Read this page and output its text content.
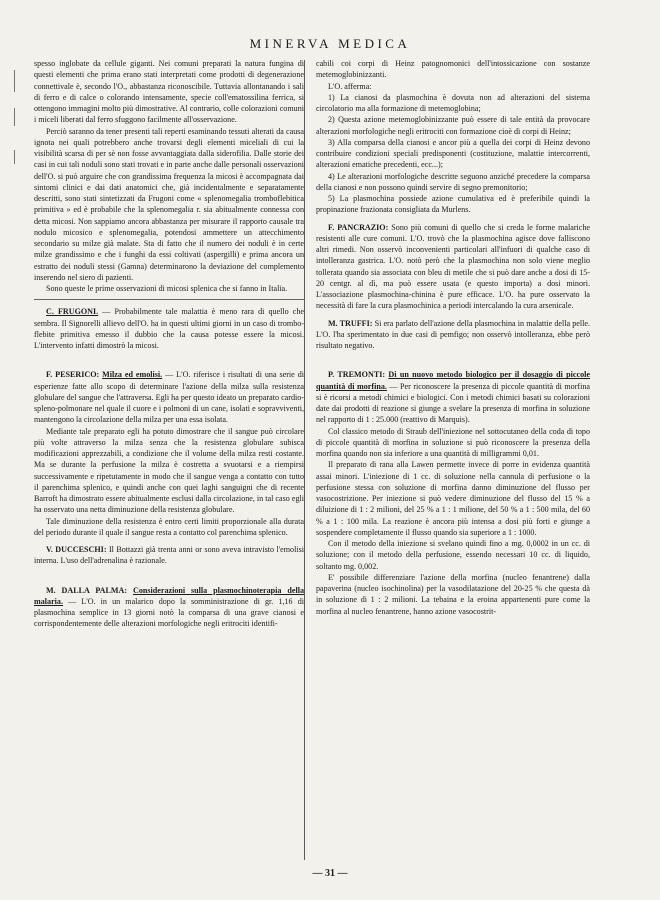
MINERVA MEDICA

spesso inglobate da cellule giganti. Nei comuni preparati la natura fungina di questi elementi che prima erano stati interpretati come prodotti di degenerazione connettivale è, secondo l'O., abbastanza riconoscibile. Tuttavia allontanando i sali di ferro e di calce o colorando intensamente, specie coll'ematossilina ferrica, si ottengono immagini molto più dimostrative. Al contrario, colle colorazioni comuni i miceli liberati dal ferro sfuggono facilmente all'osservazione.

Perciò saranno da tener presenti tali reperti esaminando tessuti alterati da causa ignota nei quali potrebbero anche trovarsi degli elementi miceliali di cui la visibilità scarsa di per sè non fosse avvantaggiata dalla siderofilia. Dalle storie dei casi in cui tali noduli sono stati trovati e in parte anche dalle personali osservazioni dell'O. si può arguire che con grandissima frequenza la micosi è accompagnata dai sintomi clinici e dai dati anatomici che, già incidentalmente e separatamente descritti, sono stati sintetizzati da Frugoni come « splenomegalia tromboflebitica primitiva » ed è probabile che la splenomegalia r. sia abitualmente connessa con detta micosi. Non sappiamo ancora abbastanza per misurare il rapporto causale tra nodulo micosico e splenomegalia, potendosi ammettere un attecchimento secondario su milze già malate. Sta di fatto che il numero dei noduli è in certe milze grandissimo e che i funghi da essi coltivati (aspergilli) e prima ancora un estratto dei noduli stessi (Gamna) determinarono la deviazione del complemento inserendo nel siero di pazienti.

Sono queste le prime osservazioni di micosi splenica che si fanno in Italia.

C. FRUGONI. — Probabilmente tale malattia è meno rara di quello che sembra. Il Signorelli allievo dell'O. ha in questi ultimi giorni in un caso di trombo-flebite primitiva emesso il dubbio che la causa potesse essere la micosi. L'intervento infatti dimostrò la micosi.

F. PESERICO: Milza ed emolisi. — L'O. riferisce i risultati di una serie di esperienze fatte allo scopo di determinare l'azione della milza sulla resistenza globulare del sangue che l'attraversa. Egli ha per questo ideato un preparato cardio-spleno-polmonare nel quale il cuore e i polmoni di un cane, isolati e sopravviventi, mantengono la circolazione della milza per una essa isolata.

Mediante tale preparato egli ha potuto dimostrare che il sangue può circolare più volte attraverso la milza senza che la resistenza globulare subisca modificazioni apprezzabili, a condizione che il volume della milza resti costante. Ma se durante la perfusione la milza è costretta a svuotarsi e a riempirsi successivamente e ripetutamente in modo che il sangue venga a contatto con tutto il parenchima splenico, e quindi anche con quei laghi sanguigni che di recente Barroft ha dimostrato essere abitualmente esclusi dalla circolazione, in tal caso egli ha osservato una netta diminuzione della resistenza globulare.

Tale diminuzione della resistenza è entro certi limiti proporzionale alla durata del periodo durante il quale il sangue resta a contatto col parenchima splenico.

V. DUCCESCHI: Il Bottazzi già trenta anni or sono aveva intravisto l'emolisi interna. L'uso dell'adrenalina è razionale.

M. DALLA PALMA: Considerazioni sulla plasmochinoterapia della malaria. — L'O. in un malarico dopo la somministrazione di gr. 1,16 di plasmochina semplice in 13 giorni notò la comparsa di una grave cianosi e corrispondentemente delle alterazioni morfologiche negli eritrociti identifi-

cabili coi corpi di Heinz patognomonici dell'intossicazione con sostanze metemoglobinizzanti.

L'O. afferma:

1) La cianosi da plasmochina è dovuta non ad alterazioni del sistema circolatorio ma alla formazione di metemoglobina;

2) Questa azione metemoglobinizzante può essere di tale entità da provocare alterazioni morfologiche negli eritrociti con formazione cioè di corpi di Heinz;

3) Alla comparsa della cianosi e ancor più a quella dei corpi di Heinz devono contribuire condizioni speciali predisponenti (costituzione, malattie intercorrenti, alterazioni ematiche precedenti, ecc...);

4) Le alterazioni morfologiche descritte seguono anziché precedere la comparsa della cianosi e non possono quindi servire di segno premonitorio;

5) La plasmochina possiede azione cumulativa ed è preferibile quindi la propinazione frazionata consigliata da Murlens.

F. PANCRAZIO: Sono più comuni di quello che si creda le forme malariche resistenti alle cure comuni. L'O. trovò che la plasmochina agisce dove falliscono altri rimedi. Non osservò inconvenienti particolari all'infuori di qualche caso di intolleranza gastrica. L'O. notò però che la plasmochina non solo viene meglio tollerata quando sia associata con bleu di metile che si può dare anche a dosi di 15-20 centgr. al dì, ma può essere usata (e questo importa) a dosi minori. L'associazione plasmochina-chinina è pure efficace. L'O. ha pure osservato la necessità di fare la cura plasmochinica a periodi intercalando la cura arsenicale.

M. TRUFFI: Si era parlato dell'azione della plasmochina in malattie della pelle. L'O. l'ha sperimentato in due casi di pemfigo; non osservò intolleranza, ebbe però risultato negativo.

P. TREMONTI: Di un nuovo metodo biologico per il dosaggio di piccole quantità di morfina. — Per riconoscere la presenza di piccole quantità di morfina si è ricorsi a metodi chimici e biologici. Con i metodi chimici basati su colorazioni date dai prodotti di reazione si giunge a svelare la presenza di morfina in soluzione nel rapporto di 1 : 25.000 (reattivo di Marquis).

Col classico metodo di Straub dell'iniezione nel sottocutaneo della coda di topo di piccole quantità di morfina in soluzione si può riconoscere la presenza della morfina quando non sia inferiore a una quantità di milligrammi 0,01.

Il preparato di rana alla Lawen permette invece di porre in evidenza quantità assai minori. L'iniezione di 1 cc. di soluzione nella cannula di perfusione o la perfusione stessa con soluzione di morfina danno diminuzione del flusso per vasocostrizione. Per iniezione si può vedere diminuzione del flusso del 15 % a diluizione di 1 : 2 milioni, del 25 % a 1 : 1 milione, del 50 % a 1 : 500 mila, del 60 % a 1 : 100 mila. La reazione è ancora più intensa a dosi più forti e giunge a sospendere completamente il flusso quando sia superiore a 1 : 1000.

Con il metodo della iniezione si svelano quindi fino a mg. 0,0002 in un cc. di soluzione; con il metodo della perfusione, essendo necessari 10 cc. di liquido, soltanto mg. 0,002.

E' possibile differenziare l'azione della morfina (nucleo fenantrene) dalla papaverina (nucleo isochinolina) per la vasodilatazione del 20-25 % che questa dà in soluzione di 1 : 2 milioni. La tebaina e la eroina appartenenti pure come la morfina al nucleo fenantrene, hanno azione vasocostrit-

— 31 —
